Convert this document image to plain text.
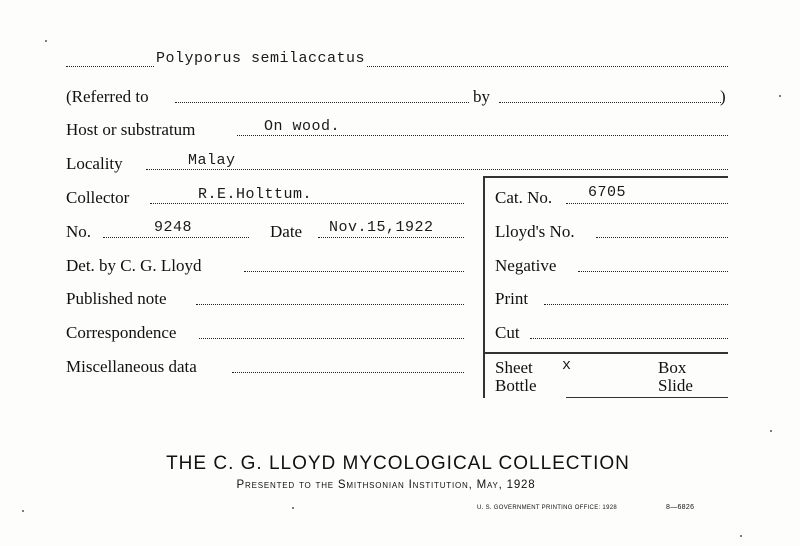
Polyporus semilaccatus
(Referred to	by	)
Host or substratum	On wood.
Locality	Malay
Collector	R.E.Holttum.
No.	9248	Date Nov.15,1922
Det. by C. G. Lloyd
Published note
Correspondence
Miscellaneous data
Cat. No. 6705
Lloyd's No.
Negative
Print
Cut
Sheet x	Box
Bottle	Slide
THE C. G. LLOYD MYCOLOGICAL COLLECTION
Presented to the Smithsonian Institution, May, 1928
U. S. GOVERNMENT PRINTING OFFICE: 1928	8—6826
